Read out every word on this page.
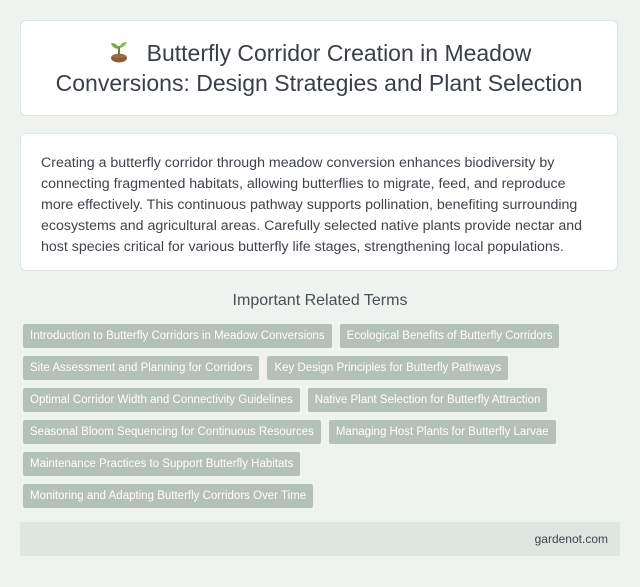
Butterfly Corridor Creation in Meadow Conversions: Design Strategies and Plant Selection

Creating a butterfly corridor through meadow conversion enhances biodiversity by connecting fragmented habitats, allowing butterflies to migrate, feed, and reproduce more effectively. This continuous pathway supports pollination, benefiting surrounding ecosystems and agricultural areas. Carefully selected native plants provide nectar and host species critical for various butterfly life stages, strengthening local populations.

Important Related Terms
Introduction to Butterfly Corridors in Meadow Conversions	Ecological Benefits of Butterfly Corridors
Site Assessment and Planning for Corridors	Key Design Principles for Butterfly Pathways
Optimal Corridor Width and Connectivity Guidelines	Native Plant Selection for Butterfly Attraction
Seasonal Bloom Sequencing for Continuous Resources	Managing Host Plants for Butterfly Larvae
Maintenance Practices to Support Butterfly Habitats
Monitoring and Adapting Butterfly Corridors Over Time
gardenot.com
